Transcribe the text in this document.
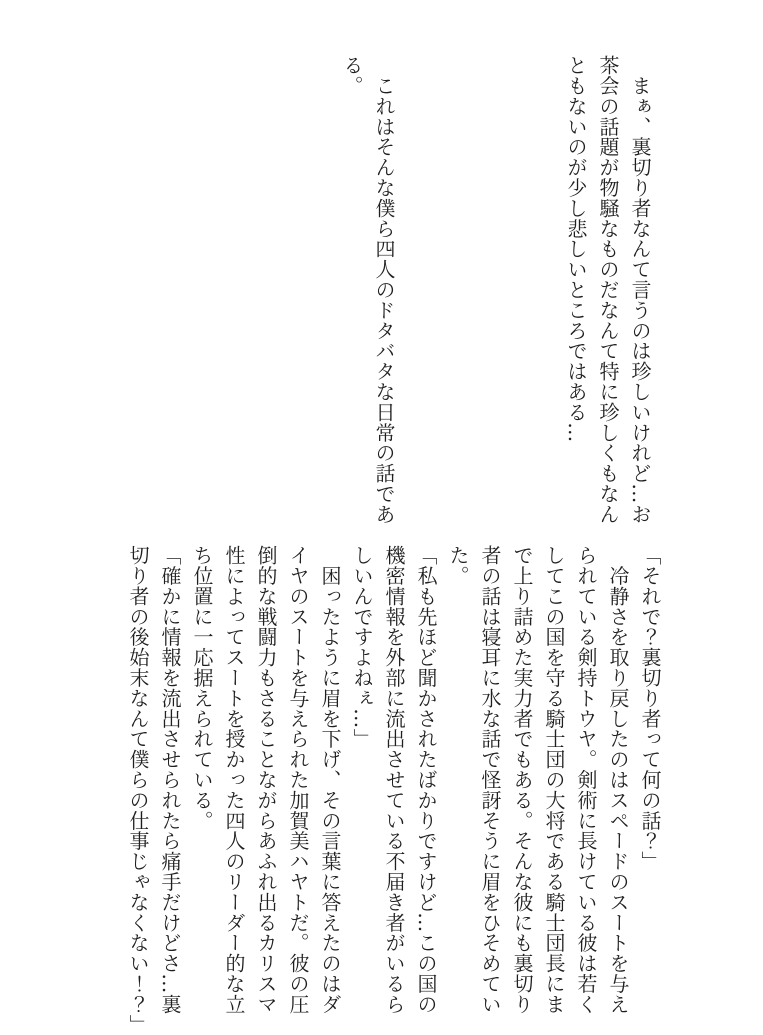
　まぁ、裏切り者なんて言うのは珍しいけれど…お

茶会の話題が物騒なものだなんて特に珍しくもなん

ともないのが少し悲しいところではある…

　これはそんな僕ら四人のドタバタな日常の話であ

る。

「それで？裏切り者って何の話？」

　冷静さを取り戻したのはスペードのスートを与え

られている剣持トウヤ。剣術に長けている彼は若く

してこの国を守る騎士団の大将である騎士団長にま

で上り詰めた実力者でもある。そんな彼にも裏切り

者の話は寝耳に水な話で怪訝そうに眉をひそめてい

た。

「私も先ほど聞かされたばかりですけど…この国の

機密情報を外部に流出させている不届き者がいるら

しいんですよねぇ…」

　困ったように眉を下げ、その言葉に答えたのはダ

イヤのスートを与えられた加賀美ハヤトだ。彼の圧

倒的な戦闘力もさることながらあふれ出るカリスマ

性によってスートを授かった四人のリーダー的な立

ち位置に一応据えられている。

「確かに情報を流出させられたら痛手だけどさ…裏

切り者の後始末なんて僕らの仕事じゃなくない！？」
